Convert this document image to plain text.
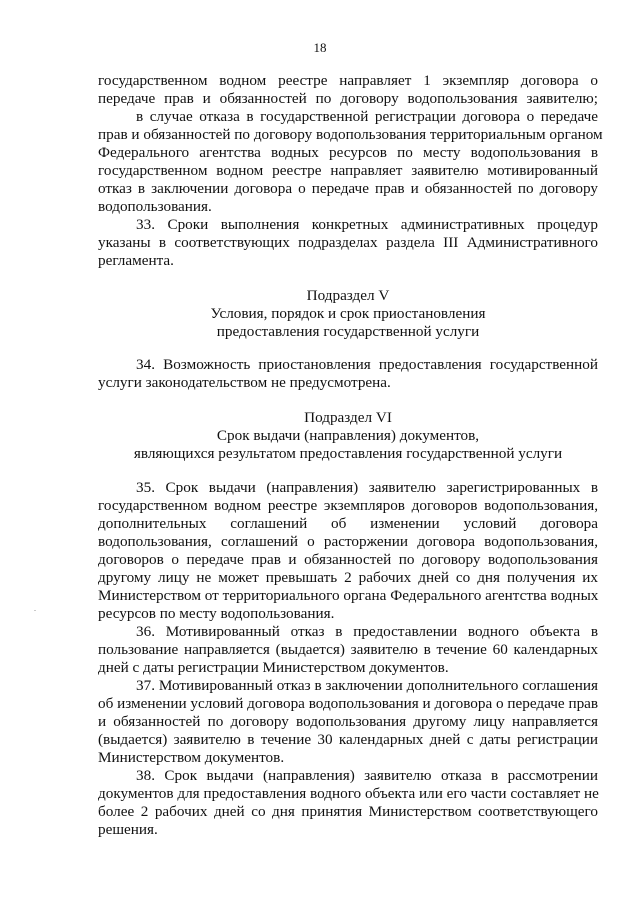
18
государственном водном реестре направляет 1 экземпляр договора о
передаче прав и обязанностей по договору водопользования заявителю;
в случае отказа в государственной регистрации договора о передаче
прав и обязанностей по договору водопользования территориальным органом
Федерального агентства водных ресурсов по месту водопользования в
государственном водном реестре направляет заявителю мотивированный
отказ в заключении договора о передаче прав и обязанностей по договору
водопользования.
33. Сроки выполнения конкретных административных процедур
указаны в соответствующих подразделах раздела III Административного
регламента.
Подраздел V
Условия, порядок и срок приостановления
предоставления государственной услуги
34. Возможность приостановления предоставления государственной
услуги законодательством не предусмотрена.
Подраздел VI
Срок выдачи (направления) документов,
являющихся результатом предоставления государственной услуги
35. Срок выдачи (направления) заявителю зарегистрированных в
государственном водном реестре экземпляров договоров водопользования,
дополнительных соглашений об изменении условий договора
водопользования, соглашений о расторжении договора водопользования,
договоров о передаче прав и обязанностей по договору водопользования
другому лицу не может превышать 2 рабочих дней со дня получения их
Министерством от территориального органа Федерального агентства водных
ресурсов по месту водопользования.
36. Мотивированный отказ в предоставлении водного объекта в
пользование направляется (выдается) заявителю в течение 60 календарных
дней с даты регистрации Министерством документов.
37. Мотивированный отказ в заключении дополнительного соглашения
об изменении условий договора водопользования и договора о передаче прав
и обязанностей по договору водопользования другому лицу направляется
(выдается) заявителю в течение 30 календарных дней с даты регистрации
Министерством документов.
38. Срок выдачи (направления) заявителю отказа в рассмотрении
документов для предоставления водного объекта или его части составляет не
более 2 рабочих дней со дня принятия Министерством соответствующего
решения.
.
